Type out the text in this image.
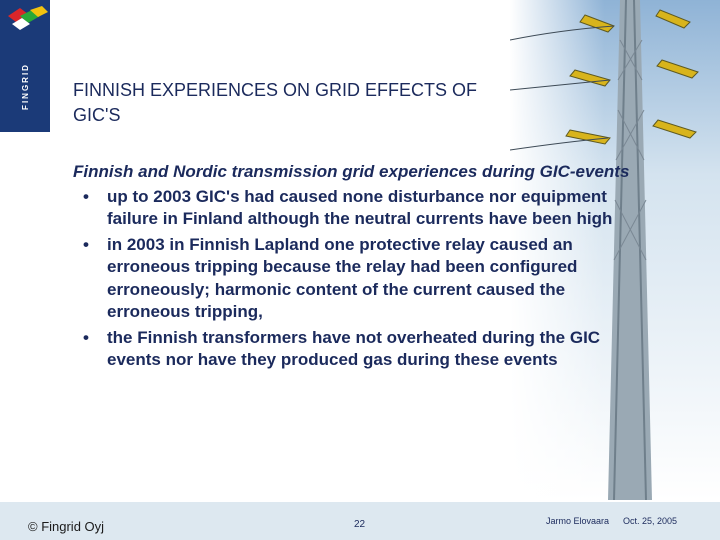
FINGRID FINNISH EXPERIENCES ON GRID EFFECTS OF GIC'S

Finnish and Nordic transmission grid experiences during GIC-events

• up to 2003 GIC's had caused none disturbance nor equipment failure in Finland although the neutral currents have been high
• in 2003 in Finnish Lapland one protective relay caused an erroneous tripping because the relay had been configured erroneously; harmonic content of the current caused the erroneous tripping,
• the Finnish transformers have not overheated during the GIC events nor have they produced gas during these events
© Fingrid Oyj	22	Jarmo Elovaara Oct. 25, 2005
